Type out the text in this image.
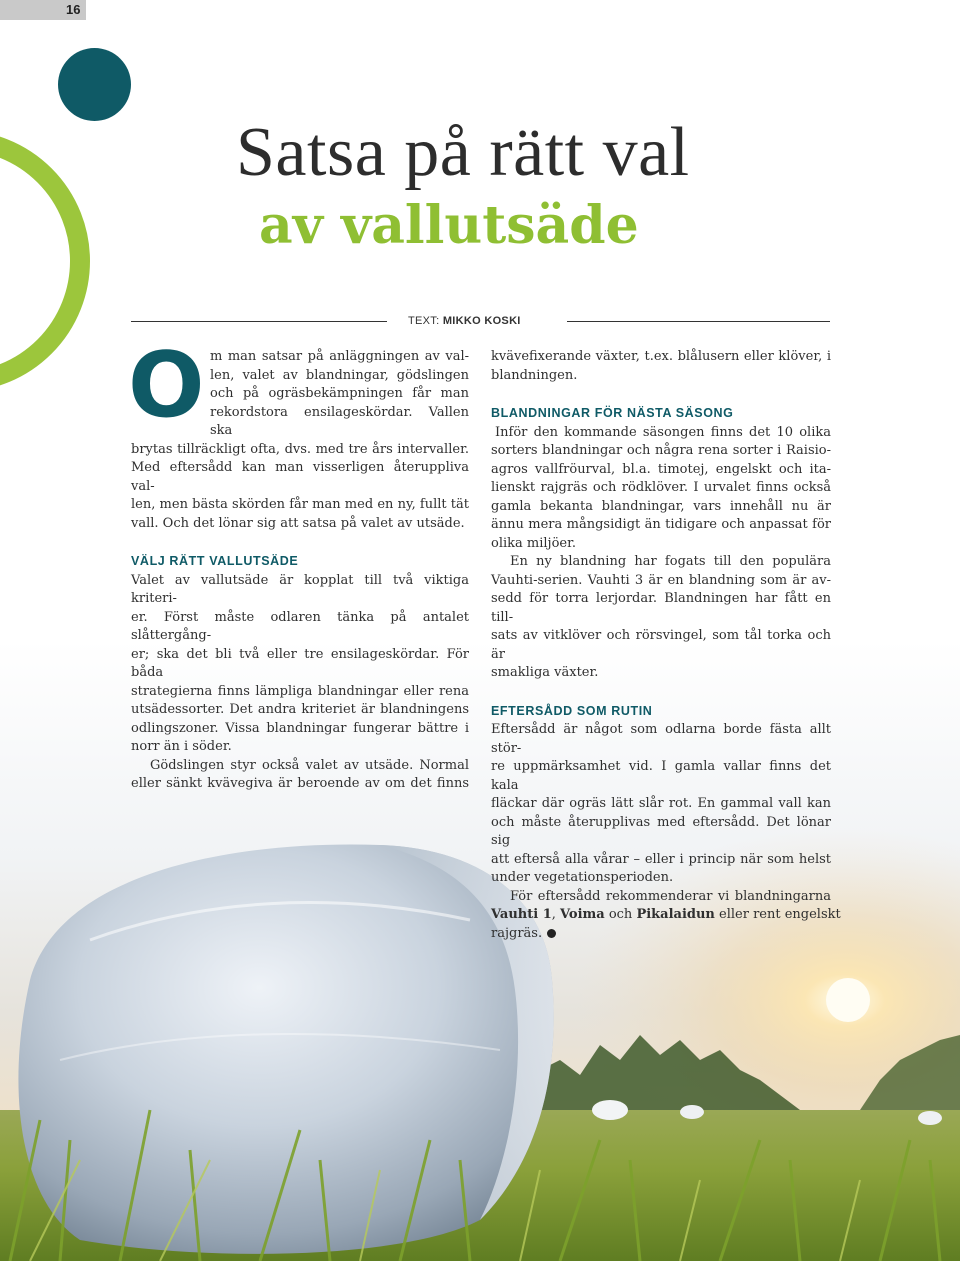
16
Satsa på rätt val
av vallutsäde
TEXT: MIKKO KOSKI
O m man satsar på anläggningen av val-
len, valet av blandningar, gödslingen
och på ogräsbekämpningen får man
rekordstora ensilageskördar. Vallen ska
brytas tillräckligt ofta, dvs. med tre års intervaller.
Med eftersådd kan man visserligen återuppliva val-
len, men bästa skörden får man med en ny, fullt tät
vall. Och det lönar sig att satsa på valet av utsäde.
VÄLJ RÄTT VALLUTSÄDE
Valet av vallutsäde är kopplat till två viktiga kriteri-
er. Först måste odlaren tänka på antalet slåttergång-
er; ska det bli två eller tre ensilageskördar. För båda
strategierna finns lämpliga blandningar eller rena
utsädessorter. Det andra kriteriet är blandningens
odlingszoner. Vissa blandningar fungerar bättre i
norr än i söder.
Gödslingen styr också valet av utsäde. Normal
eller sänkt kvävegiva är beroende av om det finns
kvävefixerande växter, t.ex. blålusern eller klöver, i
blandningen.
BLANDNINGAR FÖR NÄSTA SÄSONG
Inför den kommande säsongen finns det 10 olika
sorters blandningar och några rena sorter i Raisio-
agros vallfröurval, bl.a. timotej, engelskt och ita-
lienskt rajgräs och rödklöver. I urvalet finns också
gamla bekanta blandningar, vars innehåll nu är
ännu mera mångsidigt än tidigare och anpassat för
olika miljöer.
En ny blandning har fogats till den populära
Vauhti-serien. Vauhti 3 är en blandning som är av-
sedd för torra lerjordar. Blandningen har fått en till-
sats av vitklöver och rörsvingel, som tål torka och är
smakliga växter.
EFTERSÅDD SOM RUTIN
Eftersådd är något som odlarna borde fästa allt stör-
re uppmärksamhet vid. I gamla vallar finns det kala
fläckar där ogräs lätt slår rot. En gammal vall kan
och måste återupplivas med eftersådd. Det lönar sig
att efterså alla vårar – eller i princip när som helst
under vegetationsperioden.
För eftersådd rekommenderar vi blandningarna
Vauhti 1, Voima och Pikalaidun eller rent engelskt
rajgräs.
